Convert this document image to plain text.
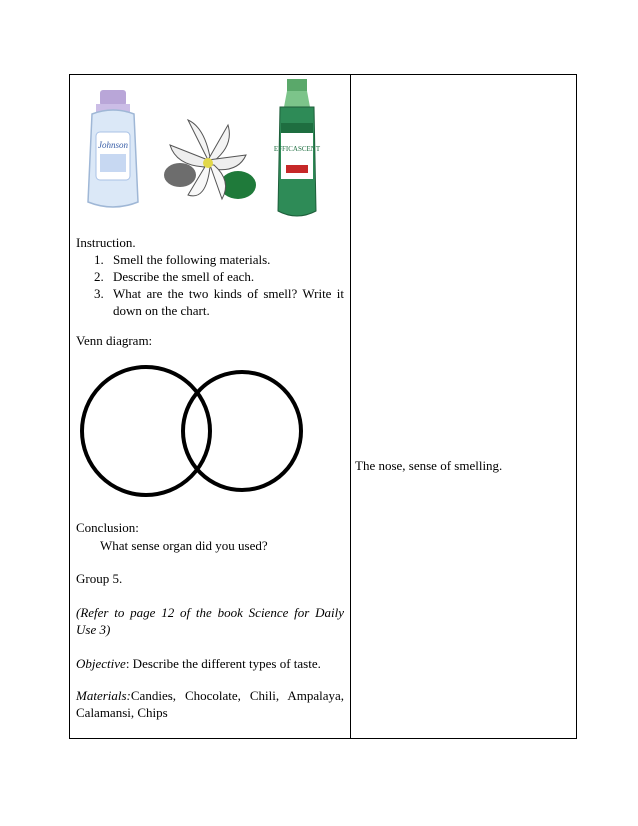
Johnson	EFFICASCENT
Instruction.
1. Smell the following materials.
2. Describe the smell of each.
3. What are the two kinds of smell? Write it down on the chart.
Venn diagram:
Conclusion:
What sense organ did you used?
Group 5.
(Refer to page 12 of the book Science for Daily Use 3)
Objective: Describe the different types of taste.
Materials:Candies, Chocolate, Chili, Ampalaya, Calamansi, Chips
The nose, sense of smelling.
